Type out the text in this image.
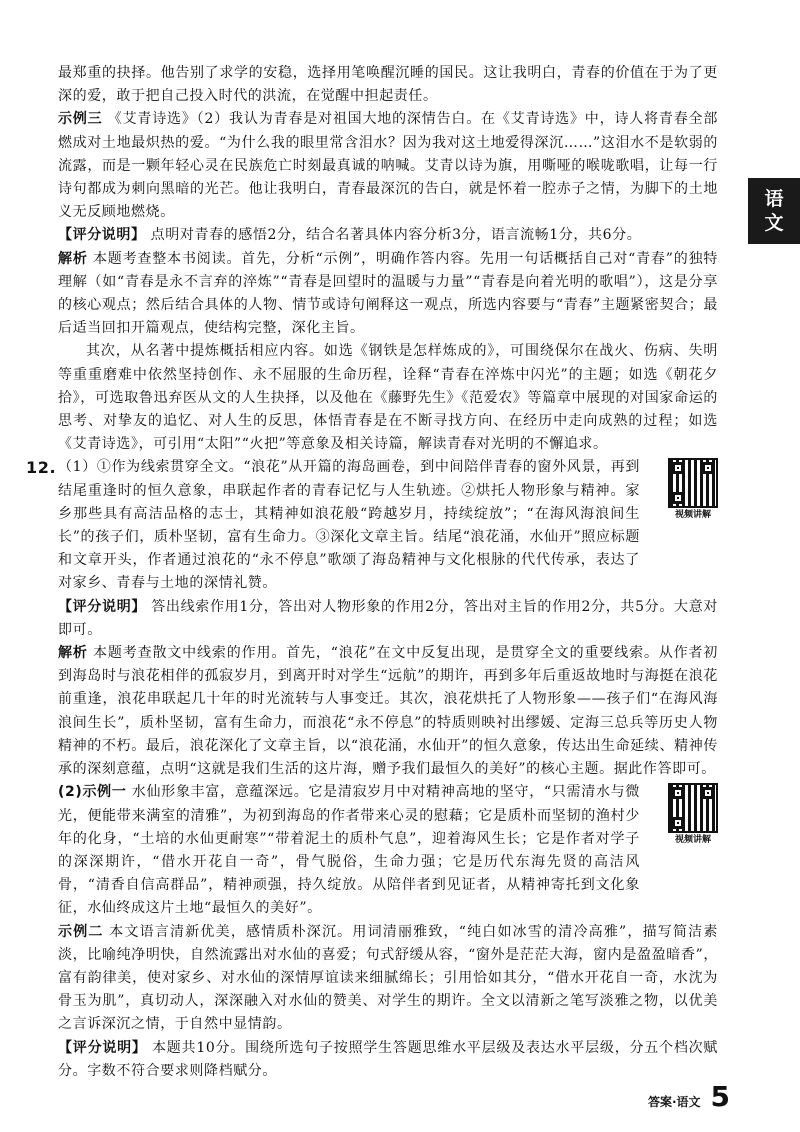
语
文

最郑重的抉择。他告别了求学的安稳，选择用笔唤醒沉睡的国民。这让我明白，青春的价值在于为了更深的爱，敢于把自己投入时代的洪流，在觉醒中担起责任。

示例三 《艾青诗选》（2）我认为青春是对祖国大地的深情告白。在《艾青诗选》中，诗人将青春全部燃成对土地最炽热的爱。“为什么我的眼里常含泪水？因为我对这土地爱得深沉……”这泪水不是软弱的流露，而是一颗年轻心灵在民族危亡时刻最真诚的呐喊。艾青以诗为旗，用嘶哑的喉咙歌唱，让每一行诗句都成为刺向黑暗的光芒。他让我明白，青春最深沉的告白，就是怀着一腔赤子之情，为脚下的土地义无反顾地燃烧。

【评分说明】 点明对青春的感悟2分，结合名著具体内容分析3分，语言流畅1分，共6分。

解析 本题考查整本书阅读。首先，分析“示例”，明确作答内容。先用一句话概括自己对“青春”的独特理解（如“青春是永不言弃的淬炼”“青春是回望时的温暖与力量”“青春是向着光明的歌唱”），这是分享的核心观点；然后结合具体的人物、情节或诗句阐释这一观点，所选内容要与“青春”主题紧密契合；最后适当回扣开篇观点，使结构完整，深化主旨。

其次，从名著中提炼概括相应内容。如选《钢铁是怎样炼成的》，可围绕保尔在战火、伤病、失明等重重磨难中依然坚持创作、永不屈服的生命历程，诠释“青春在淬炼中闪光”的主题；如选《朝花夕拾》，可选取鲁迅弃医从文的人生抉择，以及他在《藤野先生》《范爱农》等篇章中展现的对国家命运的思考、对挚友的追忆、对人生的反思，体悟青春是在不断寻找方向、在经历中走向成熟的过程；如选《艾青诗选》，可引用“太阳”“火把”等意象及相关诗篇，解读青春对光明的不懈追求。

12.
视频讲解

（1）①作为线索贯穿全文。“浪花”从开篇的海岛画卷，到中间陪伴青春的窗外风景，再到结尾重逢时的恒久意象，串联起作者的青春记忆与人生轨迹。②烘托人物形象与精神。家乡那些具有高洁品格的志士，其精神如浪花般“跨越岁月，持续绽放”；“在海风海浪间生长”的孩子们，质朴坚韧，富有生命力。③深化文章主旨。结尾“浪花涌，水仙开”照应标题和文章开头，作者通过浪花的“永不停息”歌颂了海岛精神与文化根脉的代代传承，表达了对家乡、青春与土地的深情礼赞。

【评分说明】 答出线索作用1分，答出对人物形象的作用2分，答出对主旨的作用2分，共5分。大意对即可。

解析 本题考查散文中线索的作用。首先，“浪花”在文中反复出现，是贯穿全文的重要线索。从作者初到海岛时与浪花相伴的孤寂岁月，到离开时对学生“远航”的期许，再到多年后重返故地时与海挺在浪花前重逢，浪花串联起几十年的时光流转与人事变迁。其次，浪花烘托了人物形象——孩子们“在海风海浪间生长”，质朴坚韧，富有生命力，而浪花“永不停息”的特质则映衬出缪媛、定海三总兵等历史人物精神的不朽。最后，浪花深化了文章主旨，以“浪花涌，水仙开”的恒久意象，传达出生命延续、精神传承的深刻意蕴，点明“这就是我们生活的这片海，赠予我们最恒久的美好”的核心主题。据此作答即可。

视频讲解

(2)示例一 水仙形象丰富，意蕴深远。它是清寂岁月中对精神高地的坚守，“只需清水与微光，便能带来满室的清雅”，为初到海岛的作者带来心灵的慰藉；它是质朴而坚韧的渔村少年的化身，“土培的水仙更耐寒”“带着泥土的质朴气息”，迎着海风生长；它是作者对学子的深深期许，“借水开花自一奇”，骨气脱俗，生命力强；它是历代东海先贤的高洁风骨，“清香自信高群品”，精神顽强，持久绽放。从陪伴者到见证者，从精神寄托到文化象征，水仙终成这片土地“最恒久的美好”。

示例二 本文语言清新优美，感情质朴深沉。用词清丽雅致，“纯白如冰雪的清冷高雅”，描写简洁素淡，比喻纯净明快，自然流露出对水仙的喜爱；句式舒缓从容，“窗外是茫茫大海，窗内是盈盈暗香”，富有韵律美，使对家乡、对水仙的深情厚谊读来细腻绵长；引用恰如其分，“借水开花自一奇，水沈为骨玉为肌”，真切动人，深深融入对水仙的赞美、对学生的期许。全文以清新之笔写淡雅之物，以优美之言诉深沉之情，于自然中显情韵。

【评分说明】 本题共10分。围绕所选句子按照学生答题思维水平层级及表达水平层级，分五个档次赋分。字数不符合要求则降档赋分。

答案·语文 5
